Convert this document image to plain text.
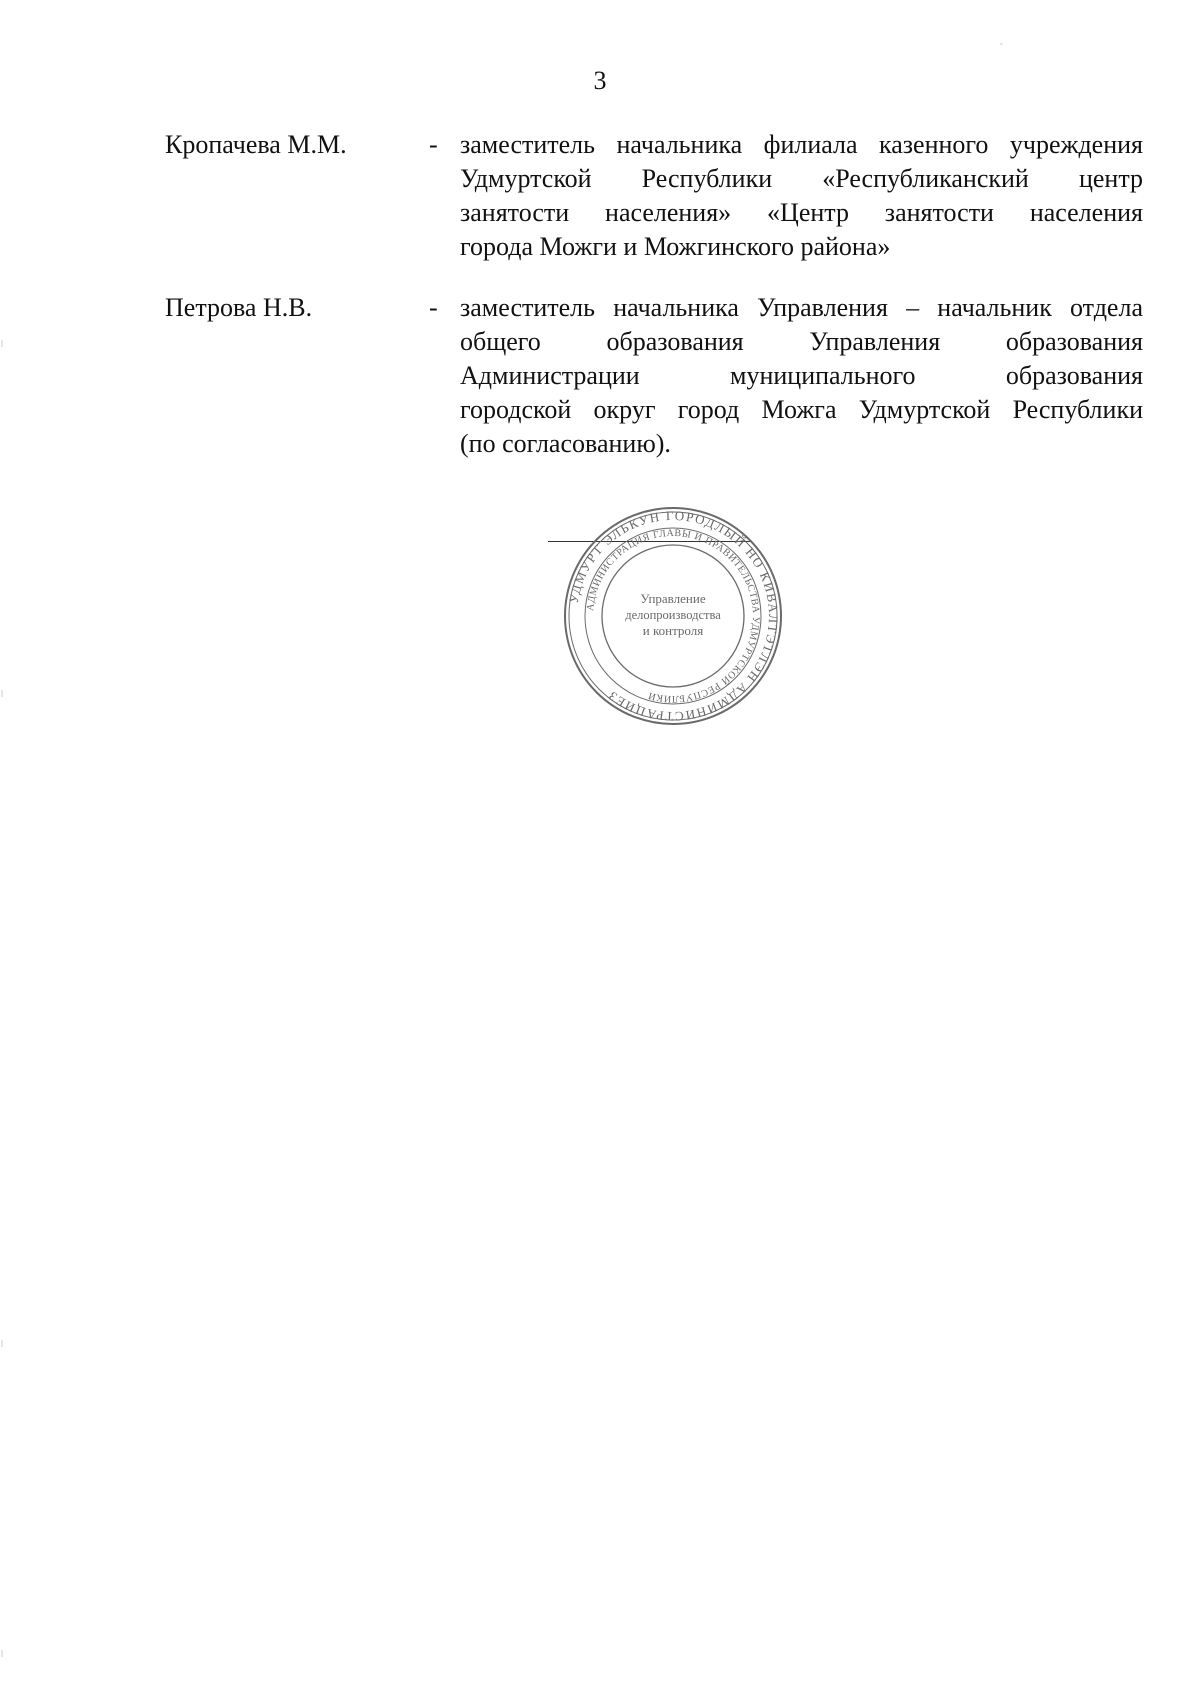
3
Кропачева М.М.	- заместитель начальника филиала казенного учреждения
Удмуртской Республики «Республиканский центр
занятости населения» «Центр занятости населения
города Можги и Можгинского района»
Петрова Н.В.	- заместитель начальника Управления – начальник отдела
общего образования Управления образования
Администрации муниципального образования
городской округ город Можга Удмуртской Республики
(по согласованию).
УДМУРТ ЭЛЬКУН ГОРОДЛЫЙ НО КИВАЛТЭТЛЭН АДМИНИСТРАЦИЕЗ
АДМИНИСТРАЦИЯ ГЛАВЫ И ПРАВИТЕЛЬСТВА УДМУРТСКОЙ РЕСПУБЛИКИ
Управление
делопроизводства
и контроля
